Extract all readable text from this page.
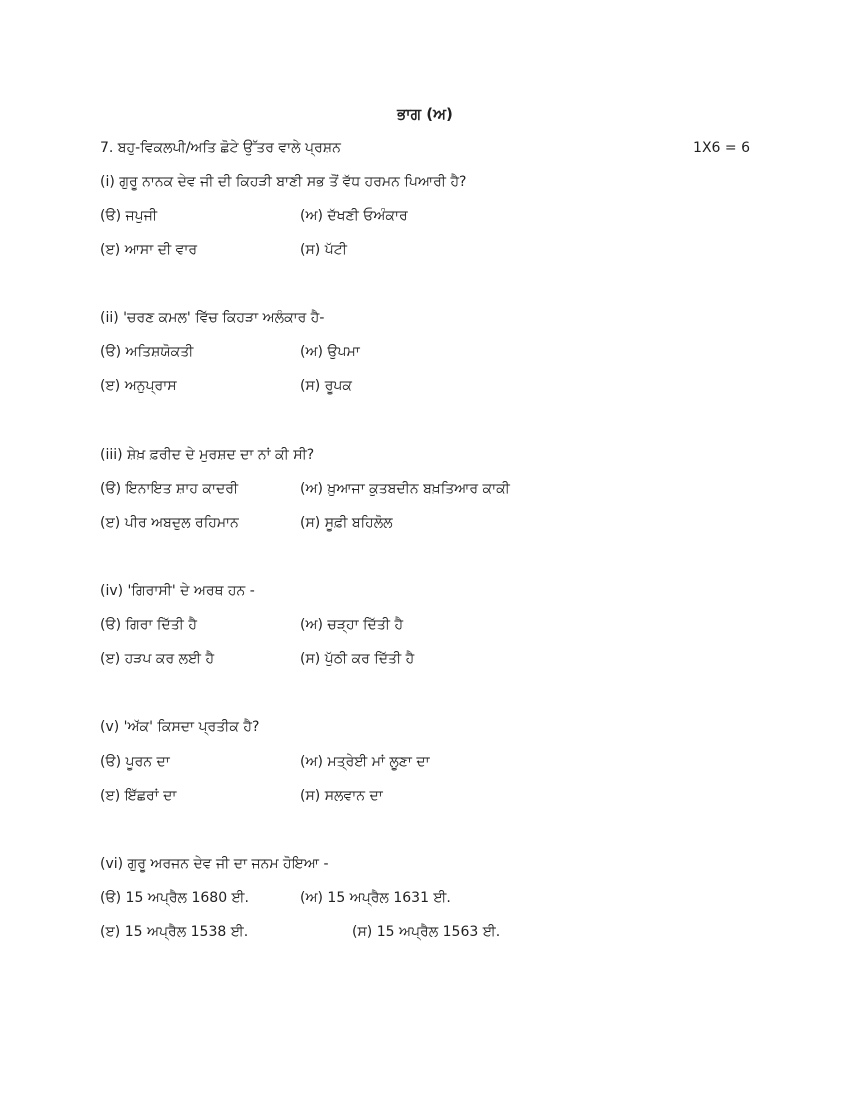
ਭਾਗ (ਅ)
7. ਬਹੁ-ਵਿਕਲਪੀ/ਅਤਿ ਛੋਟੇ ਉੱਤਰ ਵਾਲੇ ਪ੍ਰਸ਼ਨ	1X6 = 6
(i) ਗੁਰੂ ਨਾਨਕ ਦੇਵ ਜੀ ਦੀ ਕਿਹੜੀ ਬਾਣੀ ਸਭ ਤੋਂ ਵੱਧ ਹਰਮਨ ਪਿਆਰੀ ਹੈ?
(ੳ) ਜਪੁਜੀ	(ਅ) ਦੱਖਣੀ ਓਅੰਕਾਰ
(ੲ) ਆਸਾ ਦੀ ਵਾਰ	(ਸ) ਪੱਟੀ
(ii) 'ਚਰਣ ਕਮਲ' ਵਿੱਚ ਕਿਹੜਾ ਅਲੰਕਾਰ ਹੈ-
(ੳ) ਅਤਿਸ਼ਯੋਕਤੀ	(ਅ) ਉਪਮਾ
(ੲ) ਅਨੁਪ੍ਰਾਸ	(ਸ) ਰੂਪਕ
(iii) ਸ਼ੇਖ਼ ਫ਼ਰੀਦ ਦੇ ਮੁਰਸ਼ਦ ਦਾ ਨਾਂ ਕੀ ਸੀ?
(ੳ) ਇਨਾਇਤ ਸ਼ਾਹ ਕਾਦਰੀ	(ਅ) ਖ਼ੁਆਜਾ ਕੁਤਬਦੀਨ ਬਖ਼ਤਿਆਰ ਕਾਕੀ
(ੲ) ਪੀਰ ਅਬਦੁਲ ਰਹਿਮਾਨ	(ਸ) ਸੂਫ਼ੀ ਬਹਿਲੋਲ
(iv) 'ਗਿਰਾਸੀ' ਦੇ ਅਰਥ ਹਨ -
(ੳ) ਗਿਰਾ ਦਿੱਤੀ ਹੈ	(ਅ) ਚੜ੍ਹਾ ਦਿੱਤੀ ਹੈ
(ੲ) ਹੜਪ ਕਰ ਲਈ ਹੈ	(ਸ) ਪੁੱਠੀ ਕਰ ਦਿੱਤੀ ਹੈ
(v) 'ਅੱਕ' ਕਿਸਦਾ ਪ੍ਰਤੀਕ ਹੈ?
(ੳ) ਪੂਰਨ ਦਾ	(ਅ) ਮਤ੍ਰੇਈ ਮਾਂ ਲੂਣਾ ਦਾ
(ੲ) ਇੱਛਰਾਂ ਦਾ	(ਸ) ਸਲਵਾਨ ਦਾ
(vi) ਗੁਰੂ ਅਰਜਨ ਦੇਵ ਜੀ ਦਾ ਜਨਮ ਹੋਇਆ -
(ੳ) 15 ਅਪ੍ਰੈਲ 1680 ਈ.	(ਅ) 15 ਅਪ੍ਰੈਲ 1631 ਈ.
(ੲ) 15 ਅਪ੍ਰੈਲ 1538 ਈ.	(ਸ) 15 ਅਪ੍ਰੈਲ 1563 ਈ.
